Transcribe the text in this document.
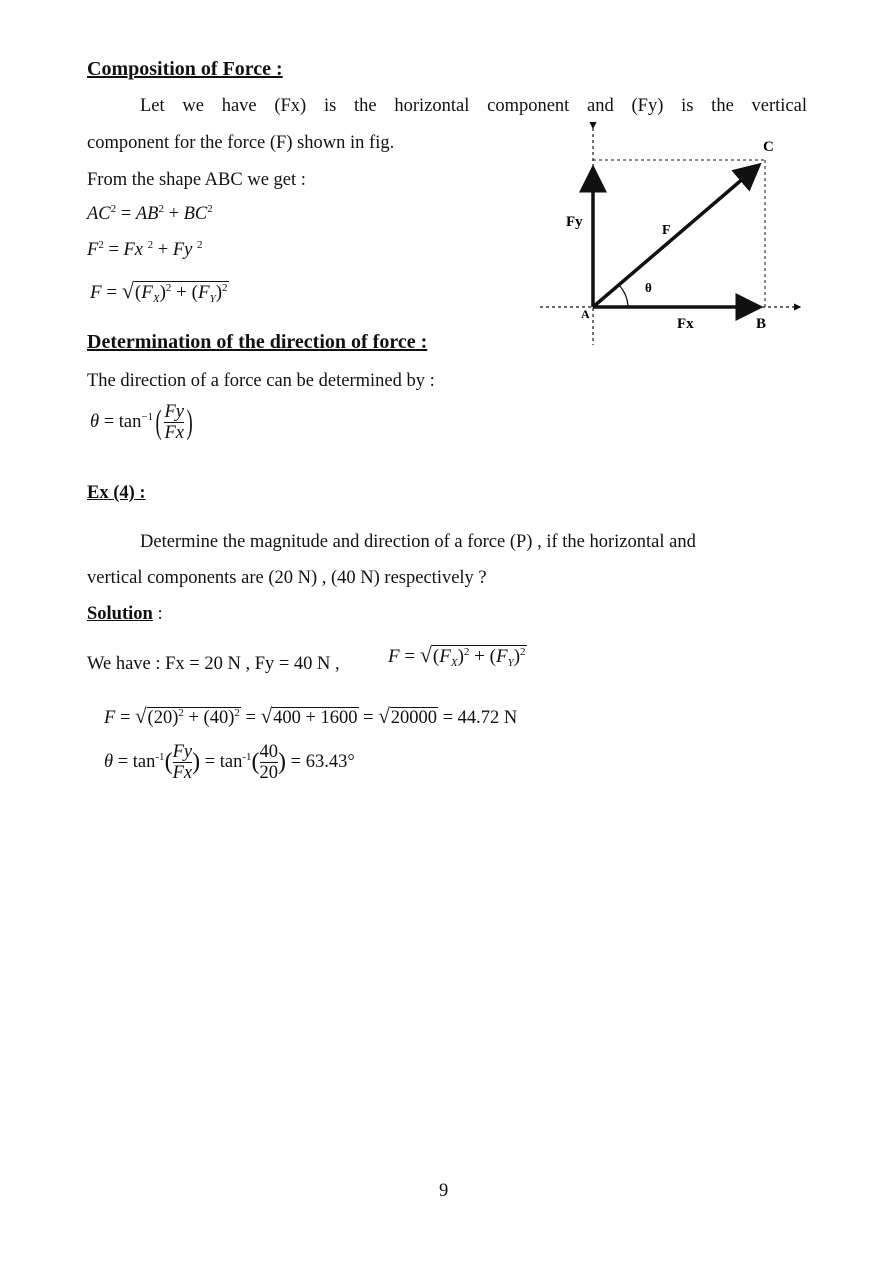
Composition of Force :
Let we have (Fx) is the horizontal component and (Fy) is the vertical
component for the force (F) shown in fig.
From the shape ABC we get :
$AC^2 = AB^2 + BC^2$
$F^2 = Fx$ $^2$ + Fy $^2$
$F = √(F_X)^2 + (F_Y)^2$
C
Fy
F
θ
A
Fx	B
Determination of the direction of force :
The direction of a force can be determined by :
$\theta = \tan^{-1}( \frac{Fy}{Fx}$ )
Ex (4) :
Determine the magnitude and direction of a force (P) , if the horizontal and
vertical components are (20 N) , (40 N) respectively ?
Solution :
We have : Fx = 20 N , Fy = 40 N ,	$F = √(F_X)^2 + (F_Y)^2$
$F = √(20)^2 + (40)^2 = √400 + 1600 = √20000 = 44.72$ N
$\theta = \tan^{-1}( \frac{Fy}{Fx}$ ) = $\tan^{-1}( \frac{40}{20}$ ) = 63.43°
9
